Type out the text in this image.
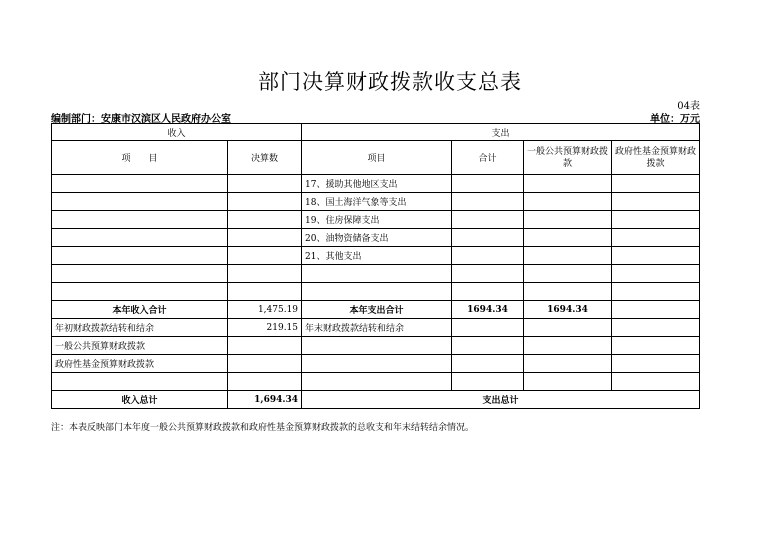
部门决算财政拨款收支总表
04表
编制部门：安康市汉滨区人民政府办公室	单位：万元
收入		支出			
项　　目	决算数	项目	合计	一般公共预算财政拨款	政府性基金预算财政拨款
		17、援助其他地区支出			
		18、国土海洋气象等支出			
		19、住房保障支出			
		20、油物资储备支出			
		21、其他支出			

本年收入合计	1,475.19	本年支出合计	1694.34	1694.34	
年初财政拨款结转和结余	219.15	年末财政拨款结转和结余			
一般公共预算财政拨款					
政府性基金预算财政拨款					

收入总计	1,694.34	支出总计			
注：本表反映部门本年度一般公共预算财政拨款和政府性基金预算财政拨款的总收支和年末结转结余情况。
